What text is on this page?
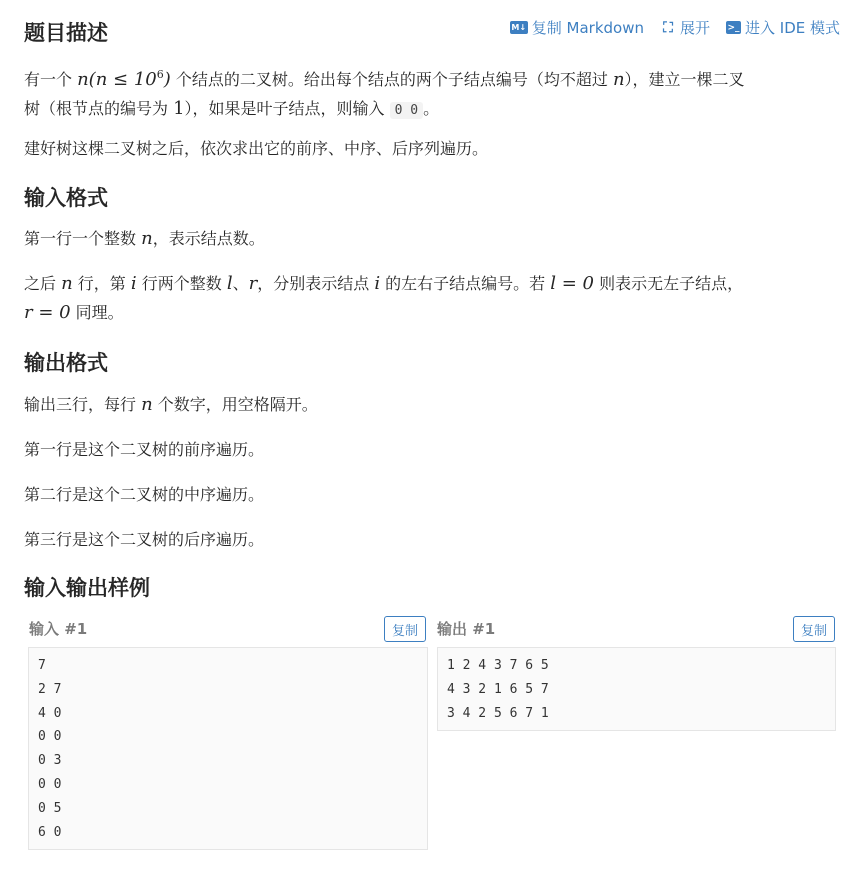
题目描述	M↓ 复制 Markdown ⛶ 展开 >_ 进入 IDE 模式

有一个 $n(n \le 10^6)$ 个结点的二叉树。给出每个结点的两个子结点编号（均不超过 n），建立一棵二叉
树（根节点的编号为 1），如果是叶子结点，则输入 0 0 。

建好树这棵二叉树之后，依次求出它的前序、中序、后序列遍历。

输入格式

第一行一个整数 n，表示结点数。

之后 n 行，第 i 行两个整数 l、r，分别表示结点 i 的左右子结点编号。若 l = 0 则表示无左子结点，
r = 0 同理。

输出格式

输出三行，每行 n 个数字，用空格隔开。

第一行是这个二叉树的前序遍历。

第二行是这个二叉树的中序遍历。

第三行是这个二叉树的后序遍历。

输入输出样例
输入 #1	复制
7
2 7
4 0
0 0
0 3
0 0
0 5
6 0
输出 #1	复制
1 2 4 3 7 6 5
4 3 2 1 6 5 7
3 4 2 5 6 7 1
